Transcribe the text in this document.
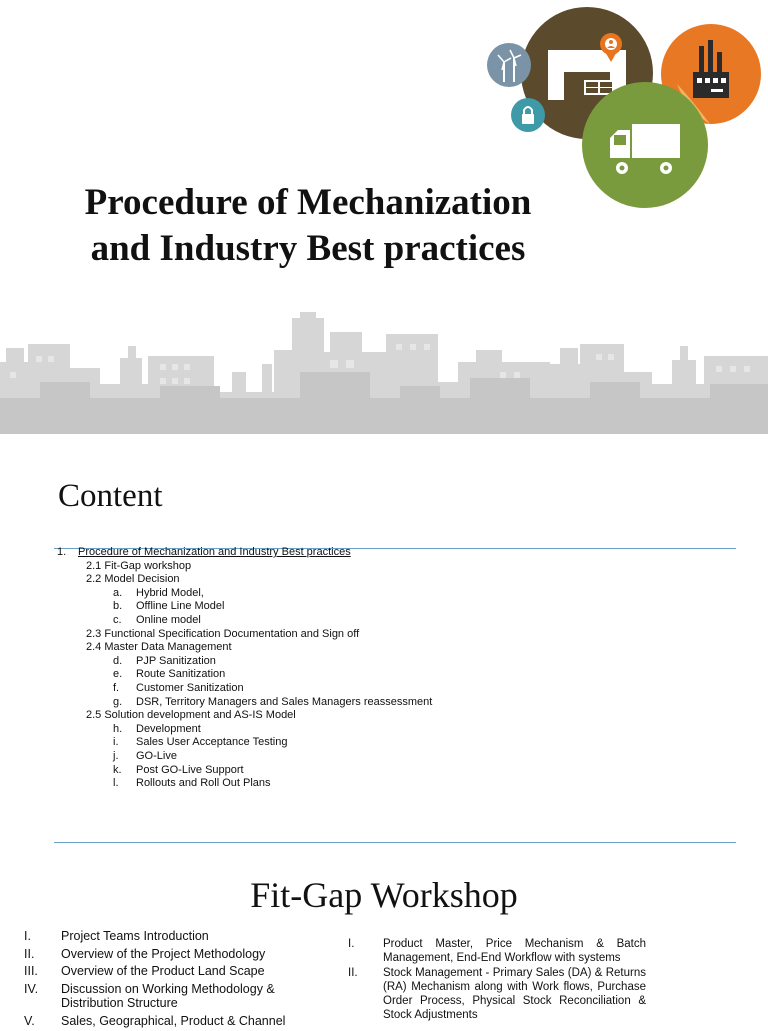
Procedure of Mechanization
and Industry Best practices
Content
1. Procedure of Mechanization and Industry Best practices
2.1 Fit-Gap workshop
2.2 Model Decision
a. Hybrid Model,
b. Offline Line Model
c. Online model
2.3 Functional Specification Documentation and Sign off
2.4 Master Data Management
d. PJP Sanitization
e. Route Sanitization
f. Customer Sanitization
g. DSR, Territory Managers and Sales Managers reassessment
2.5 Solution development and AS-IS Model
h. Development
i. Sales User Acceptance Testing
j. GO-Live
k. Post GO-Live Support
l. Rollouts and Roll Out Plans
Fit-Gap Workshop
I. Project Teams Introduction
II. Overview of the Project Methodology
III. Overview of the Product Land Scape
IV. Discussion on Working Methodology & Distribution Structure
V. Sales, Geographical, Product & Channel
I. Product Master, Price Mechanism & Batch Management, End-End Workflow with systems
II. Stock Management - Primary Sales (DA) & Returns (RA) Mechanism along with Work flows, Purchase Order Process, Physical Stock Reconciliation & Stock Adjustments
